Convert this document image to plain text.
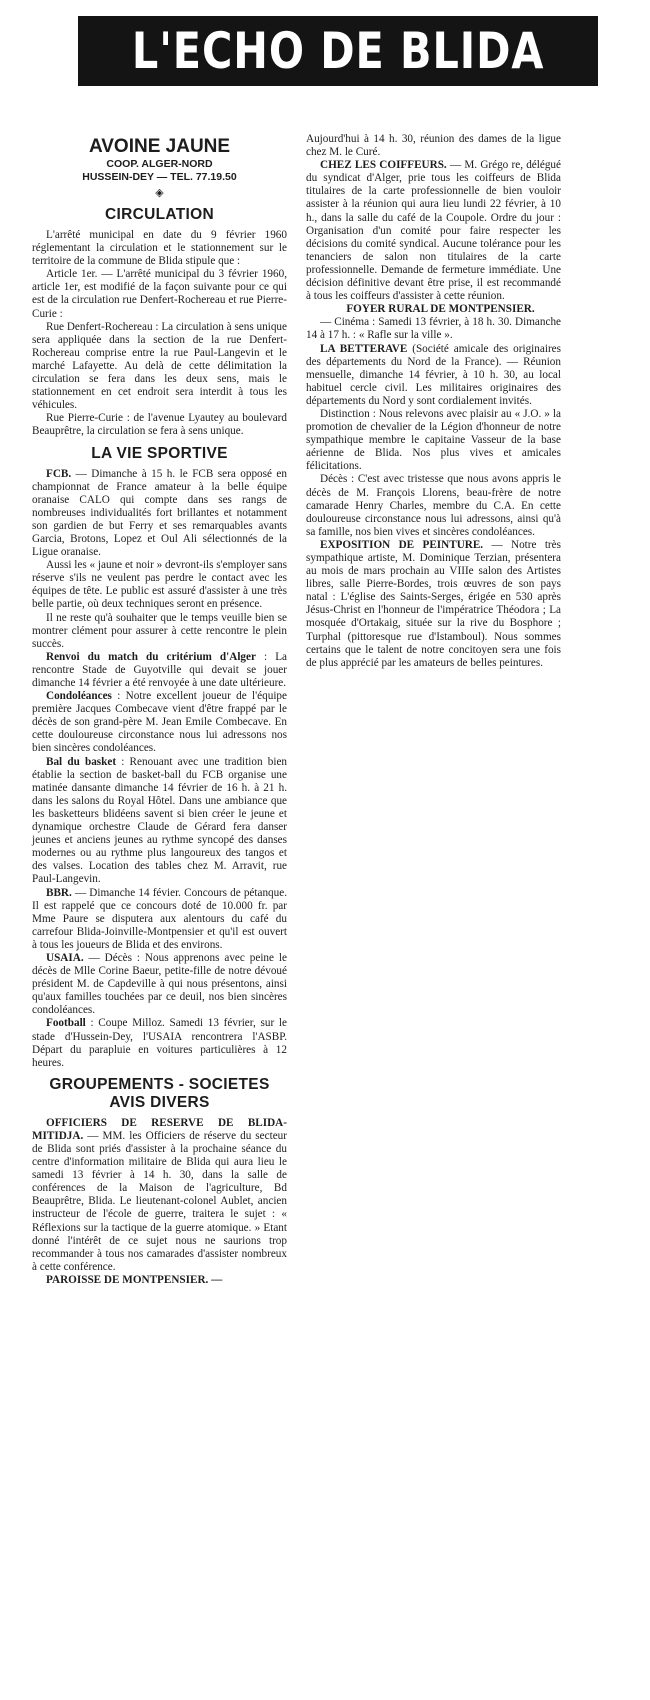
L'ECHO DE BLIDA
AVOINE JAUNE
COOP. ALGER-NORD
HUSSEIN-DEY — TEL. 77.19.50
◈
CIRCULATION

L'arrêté municipal en date du 9 février 1960 réglementant la circulation et le stationnement sur le territoire de la commune de Blida stipule que :

Article 1er. — L'arrêté municipal du 3 février 1960, article 1er, est modifié de la façon suivante pour ce qui est de la circulation rue Denfert-Rochereau et rue Pierre-Curie :

Rue Denfert-Rochereau : La circulation à sens unique sera appliquée dans la section de la rue Denfert-Rochereau comprise entre la rue Paul-Langevin et le marché Lafayette. Au delà de cette délimitation la circulation se fera dans les deux sens, mais le stationnement en cet endroit sera interdit à tous les véhicules.

Rue Pierre-Curie : de l'avenue Lyautey au boulevard Beauprêtre, la circulation se fera à sens unique.

LA VIE SPORTIVE

FCB. — Dimanche à 15 h. le FCB sera opposé en championnat de France amateur à la belle équipe oranaise CALO qui compte dans ses rangs de nombreuses individualités fort brillantes et notamment son gardien de but Ferry et ses remarquables avants Garcia, Brotons, Lopez et Oul Ali sélectionnés de la Ligue oranaise.

Aussi les « jaune et noir » devront-ils s'employer sans réserve s'ils ne veulent pas perdre le contact avec les équipes de tête. Le public est assuré d'assister à une très belle partie, où deux techniques seront en présence.

Il ne reste qu'à souhaiter que le temps veuille bien se montrer clément pour assurer à cette rencontre le plein succès.

Renvoi du match du critérium d'Alger : La rencontre Stade de Guyotville qui devait se jouer dimanche 14 février a été renvoyée à une date ultérieure.

Condoléances : Notre excellent joueur de l'équipe première Jacques Combecave vient d'être frappé par le décès de son grand-père M. Jean Emile Combecave. En cette douloureuse circonstance nous lui adressons nos bien sincères condoléances.

Bal du basket : Renouant avec une tradition bien établie la section de basket-ball du FCB organise une matinée dansante dimanche 14 février de 16 h. à 21 h. dans les salons du Royal Hôtel. Dans une ambiance que les basketteurs blidéens savent si bien créer le jeune et dynamique orchestre Claude de Gérard fera danser jeunes et anciens jeunes au rythme syncopé des danses modernes ou au rythme plus langoureux des tangos et des valses. Location des tables chez M. Arravit, rue Paul-Langevin.

BBR. — Dimanche 14 févier. Concours de pétanque. Il est rappelé que ce concours doté de 10.000 fr. par Mme Paure se disputera aux alentours du café du carrefour Blida-Joinville-Montpensier et qu'il est ouvert à tous les joueurs de Blida et des environs.

USAIA. — Décès : Nous apprenons avec peine le décès de Mlle Corine Baeur, petite-fille de notre dévoué président M. de Capdeville à qui nous présentons, ainsi qu'aux familles touchées par ce deuil, nos bien sincères condoléances.

Football : Coupe Milloz. Samedi 13 février, sur le stade d'Hussein-Dey, l'USAIA rencontrera l'ASBP. Départ du parapluie en voitures particulières à 12 heures.

GROUPEMENTS - SOCIETES
AVIS DIVERS

OFFICIERS DE RESERVE DE BLIDA-MITIDJA. — MM. les Officiers de réserve du secteur de Blida sont priés d'assister à la prochaine séance du centre d'information militaire de Blida qui aura lieu le samedi 13 février à 14 h. 30, dans la salle de conférences de la Maison de l'agriculture, Bd Beauprêtre, Blida. Le lieutenant-colonel Aublet, ancien instructeur de l'école de guerre, traitera le sujet : « Réflexions sur la tactique de la guerre atomique. » Etant donné l'intérêt de ce sujet nous ne saurions trop recommander à tous nos camarades d'assister nombreux à cette conférence.

PAROISSE DE MONTPENSIER. —

Aujourd'hui à 14 h. 30, réunion des dames de la ligue chez M. le Curé.

CHEZ LES COIFFEURS. — M. Grégo re, délégué du syndicat d'Alger, prie tous les coiffeurs de Blida titulaires de la carte professionnelle de bien vouloir assister à la réunion qui aura lieu lundi 22 février, à 10 h., dans la salle du café de la Coupole. Ordre du jour : Organisation d'un comité pour faire respecter les décisions du comité syndical. Aucune tolérance pour les tenanciers de salon non titulaires de la carte professionnelle. Demande de fermeture immédiate. Une décision définitive devant être prise, il est recommandé à tous les coiffeurs d'assister à cette réunion.

FOYER RURAL DE MONTPENSIER.

— Cinéma : Samedi 13 février, à 18 h. 30. Dimanche 14 à 17 h. : « Rafle sur la ville ».

LA BETTERAVE (Société amicale des originaires des départements du Nord de la France). — Réunion mensuelle, dimanche 14 février, à 10 h. 30, au local habituel cercle civil. Les militaires originaires des départements du Nord y sont cordialement invités.

Distinction : Nous relevons avec plaisir au « J.O. » la promotion de chevalier de la Légion d'honneur de notre sympathique membre le capitaine Vasseur de la base aérienne de Blida. Nos plus vives et amicales félicitations.

Décès : C'est avec tristesse que nous avons appris le décès de M. François Llorens, beau-frère de notre camarade Henry Charles, membre du C.A. En cette douloureuse circonstance nous lui adressons, ainsi qu'à sa famille, nos bien vives et sincères condoléances.

EXPOSITION DE PEINTURE. — Notre très sympathique artiste, M. Dominique Terzian, présentera au mois de mars prochain au VIIIe salon des Artistes libres, salle Pierre-Bordes, trois œuvres de son pays natal : L'église des Saints-Serges, érigée en 530 après Jésus-Christ en l'honneur de l'impératrice Théodora ; La mosquée d'Ortakaig, située sur la rive du Bosphore ; Turphal (pittoresque rue d'Istamboul). Nous sommes certains que le talent de notre concitoyen sera une fois de plus apprécié par les amateurs de belles peintures.
